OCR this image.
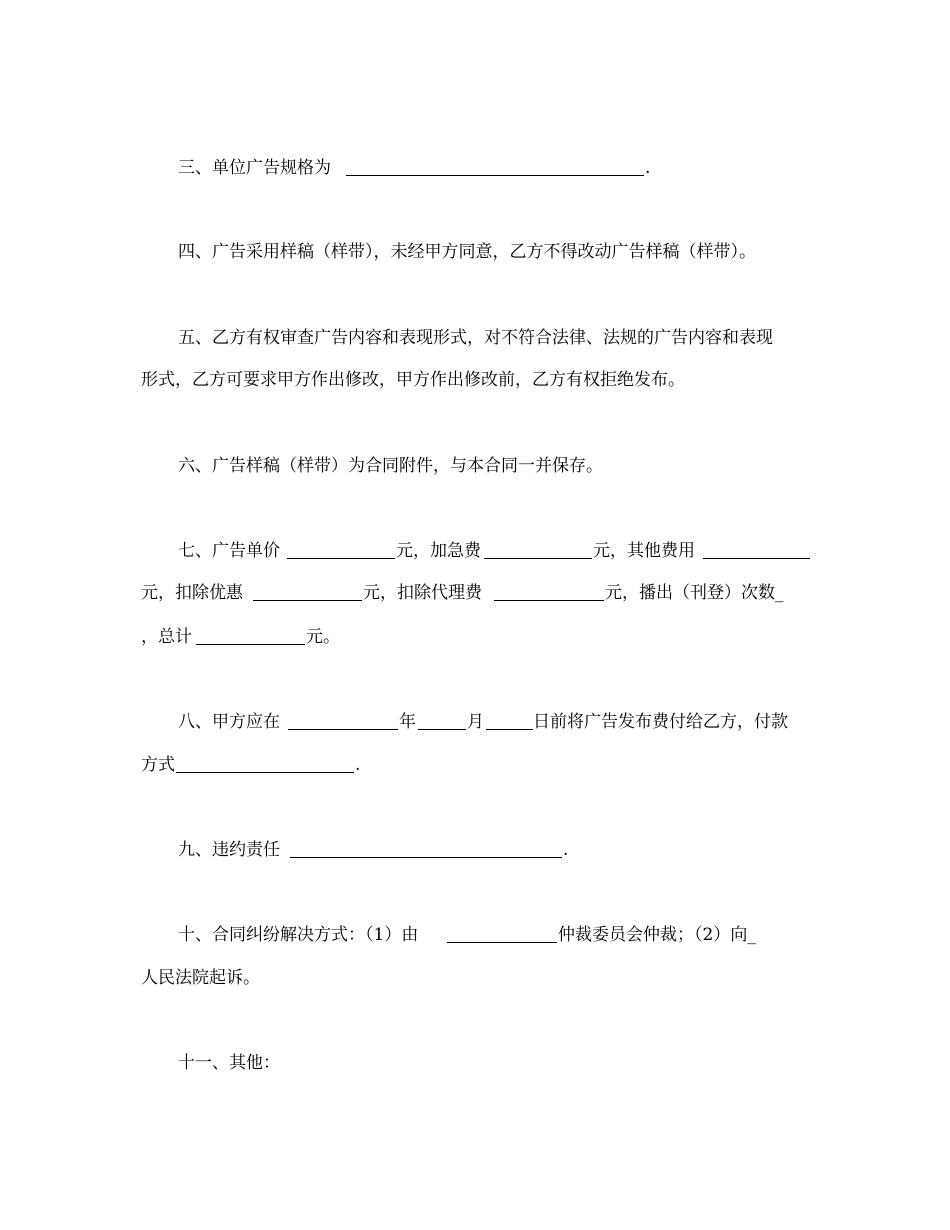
三、单位广告规格为	.
四、广告采用样稿（样带），未经甲方同意，乙方不得改动广告样稿（样带）。
五、乙方有权审查广告内容和表现形式，对不符合法律、法规的广告内容和表现
形式，乙方可要求甲方作出修改，甲方作出修改前，乙方有权拒绝发布。
六、广告样稿（样带）为合同附件，与本合同一并保存。
七、广告单价	元，加急费	元，其他费用
元，扣除优惠	元，扣除代理费	元，播出（刊登）次数_
，总计	元。
八、甲方应在	年	月	日前将广告发布费付给乙方，付款
方式	.
九、违约责任	.
十、合同纠纷解决方式：（1）由	仲裁委员会仲裁；（2）向_
人民法院起诉。
十一、其他：
